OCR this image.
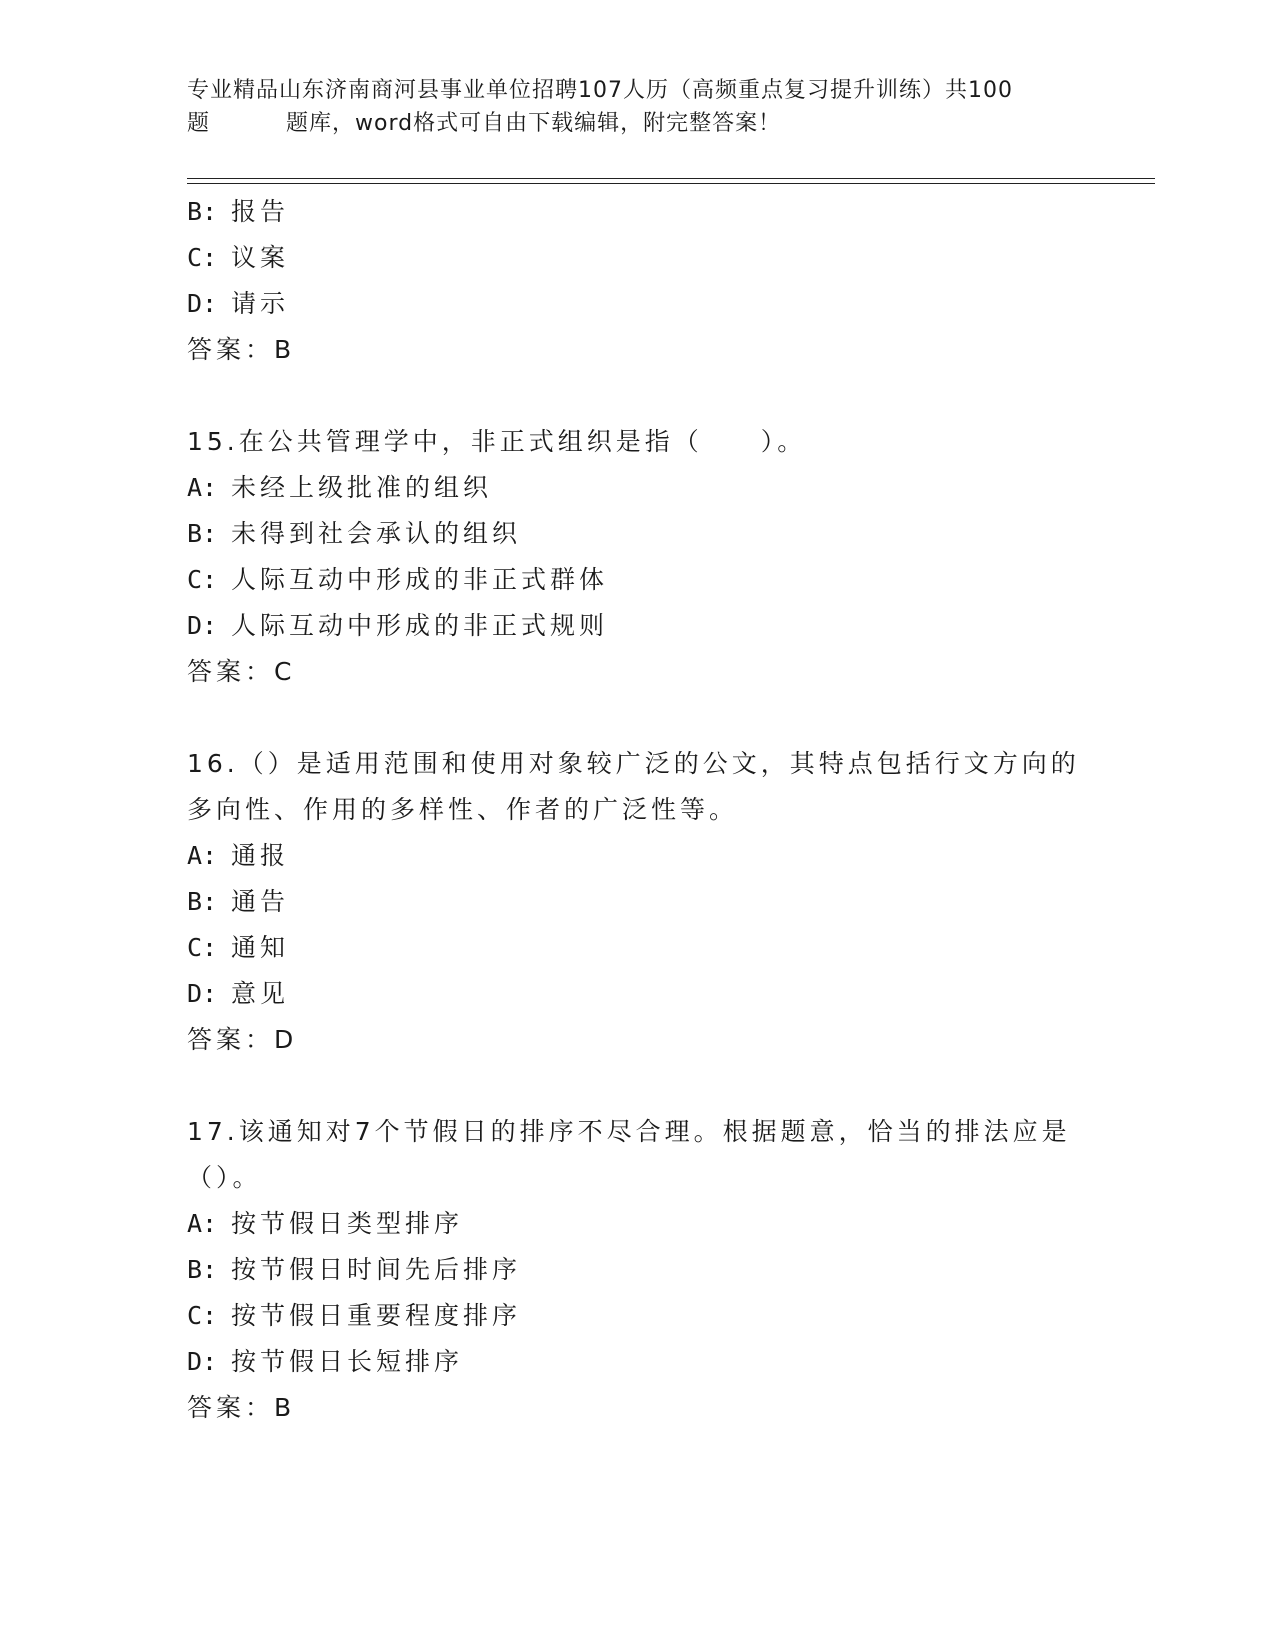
专业精品山东济南商河县事业单位招聘107人历（高频重点复习提升训练）共100
题	题库，word格式可自由下载编辑，附完整答案！
B: 报告
C: 议案
D: 请示
答案：B
15.在公共管理学中，非正式组织是指（　　）。
A: 未经上级批准的组织
B: 未得到社会承认的组织
C: 人际互动中形成的非正式群体
D: 人际互动中形成的非正式规则
答案：C
16.（）是适用范围和使用对象较广泛的公文，其特点包括行文方向的
多向性、作用的多样性、作者的广泛性等。
A: 通报
B: 通告
C: 通知
D: 意见
答案：D
17.该通知对7个节假日的排序不尽合理。根据题意，恰当的排法应是
（）。
A: 按节假日类型排序
B: 按节假日时间先后排序
C: 按节假日重要程度排序
D: 按节假日长短排序
答案：B
